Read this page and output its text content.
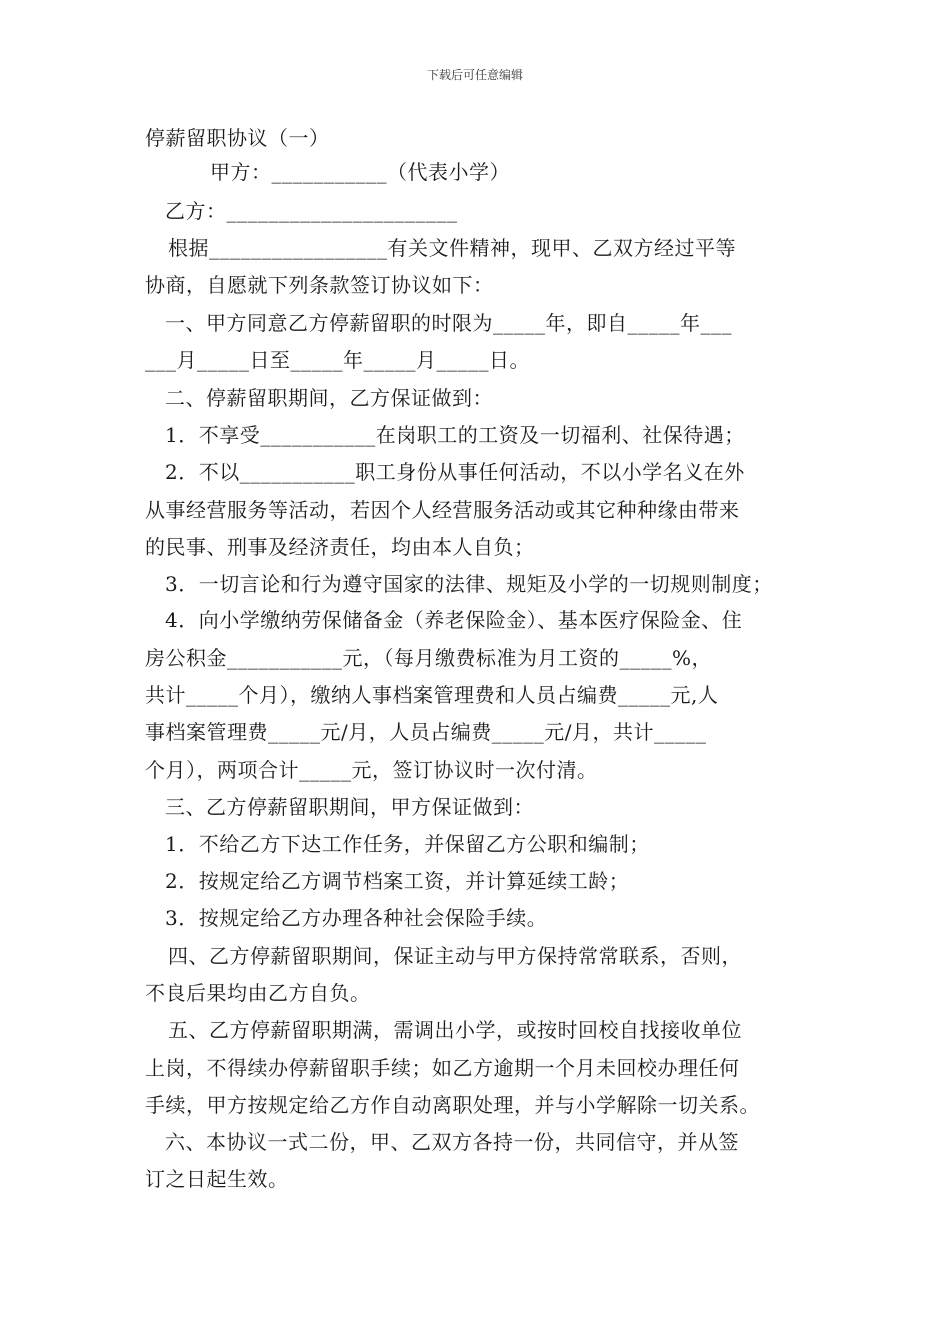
下载后可任意编辑
停薪留职协议（一）
甲方：___________（代表小学）
乙方：______________________
根据_________________有关文件精神，现甲、乙双方经过平等
协商，自愿就下列条款签订协议如下：
一、甲方同意乙方停薪留职的时限为_____年，即自_____年___
___月_____日至_____年_____月_____日。
二、停薪留职期间，乙方保证做到：
1．不享受___________在岗职工的工资及一切福利、社保待遇；
2．不以___________职工身份从事任何活动，不以小学名义在外
从事经营服务等活动，若因个人经营服务活动或其它种种缘由带来
的民事、刑事及经济责任，均由本人自负；
3．一切言论和行为遵守国家的法律、规矩及小学的一切规则制度；
4．向小学缴纳劳保储备金（养老保险金）、基本医疗保险金、住
房公积金___________元，（每月缴费标准为月工资的_____%，
共计_____个月），缴纳人事档案管理费和人员占编费_____元,人
事档案管理费_____元/月，人员占编费_____元/月，共计_____
个月），两项合计_____元，签订协议时一次付清。
三、乙方停薪留职期间，甲方保证做到：
1．不给乙方下达工作任务，并保留乙方公职和编制；
2．按规定给乙方调节档案工资，并计算延续工龄；
3．按规定给乙方办理各种社会保险手续。
四、乙方停薪留职期间，保证主动与甲方保持常常联系，否则，
不良后果均由乙方自负。
五、乙方停薪留职期满，需调出小学，或按时回校自找接收单位
上岗，不得续办停薪留职手续；如乙方逾期一个月未回校办理任何
手续，甲方按规定给乙方作自动离职处理，并与小学解除一切关系。
六、本协议一式二份，甲、乙双方各持一份，共同信守，并从签
订之日起生效。
